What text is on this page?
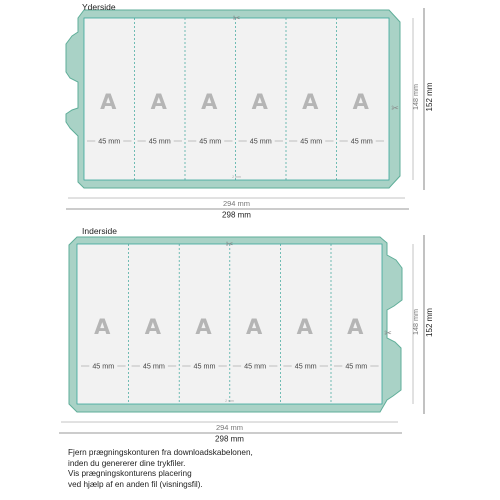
Yderside
A A A A A A
45 mm	45 mm	45 mm	45 mm	45 mm	45 mm
2 mm
✂
✂
294 mm
298 mm
148 mm 152 mm
Inderside
A A A A A A
45 mm	45 mm	45 mm	45 mm	45 mm	45 mm
2 mm
✂
✂
294 mm
298 mm
148 mm 152 mm
Fjern prægningskonturen fra downloadskabelonen,
inden du genererer dine trykfiler.
Vis prægningskonturens placering
ved hjælp af en anden fil (visningsfil).
